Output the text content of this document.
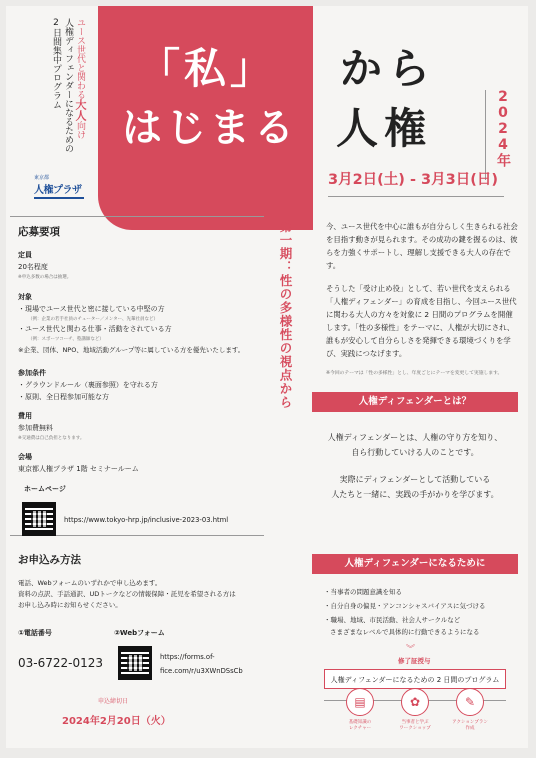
ユース世代と関わる大人向け
人権ディフェンダーになるための
2日間集中プログラム
東京都
人権プラザ
「私」
はじまる
から
人権	2024年
3月2日(土) - 3月3日(日)
応募要項
定員
20名程度
※申込多数の場合は抽選。
対象
・現場でユース世代と密に接している中堅の方
（例：企業の若手社員のチューター／メンター、先輩社員など）
・ユース世代と関わる仕事・活動をされている方
（例：スポーツコーチ、塾講師など）
※企業、団体、NPO、地域活動グループ等に属している方を優先いたします。
参加条件
・グラウンドルール（裏面参照）を守れる方
・原則、全日程参加可能な方
費用
参加費無料
※交通費は自己負担となります。
会場
東京都人権プラザ 1階 セミナールーム
ホームページ
https://www.tokyo-hrp.jp/inclusive-2023-03.html
お申込み方法
電話、Webフォームのいずれかで申し込めます。
資料の点訳、手話通訳、UDトークなどの情報保障・託児を希望される方は
お申し込み時にお知らせください。
①電話番号
03-6722-0123
②Webフォーム
https://forms.of-
fice.com/r/u3XWnDSsCb
申込締切日
2024年2月20日（火）
第一期：性の多様性の視点から	今、ユース世代を中心に誰もが自分らしく生きられる社会を目指す動きが見られます。その成功の鍵を握るのは、彼らを力強くサポートし、理解し支援できる大人の存在です。

そうした「受け止め役」として、若い世代を支えられる「人権ディフェンダー」の育成を目指し、今回ユース世代に関わる大人の方々を対象に 2 日間のプログラムを開催します。「性の多様性」をテーマに、人権が大切にされ、誰もが安心して自分らしさを発揮できる環境づくりを学び、実践につなげます。

※今回のテーマは「性の多様性」とし、年度ごとにテーマを変更して実施します。

人権ディフェンダーとは？
人権ディフェンダーとは、人権の守り方を知り、
自ら行動していける人のことです。
実際にディフェンダーとして活動している
人たちと一緒に、実践の手がかりを学びます。
人権ディフェンダーになるために
・当事者の問題意識を知る
・自分自身の偏見・アンコンシャスバイアスに気づける
・職場、地域、市民活動、社会人サークルなど
さまざまなレベルで具体的に行動できるようになる
︾
修了証授与
人権ディフェンダーになるための 2 日間のプログラム
▤	✿	✎
基礎知識の
レクチャー
当事者と学ぶ
ワークショップ
アクションプラン
作成
